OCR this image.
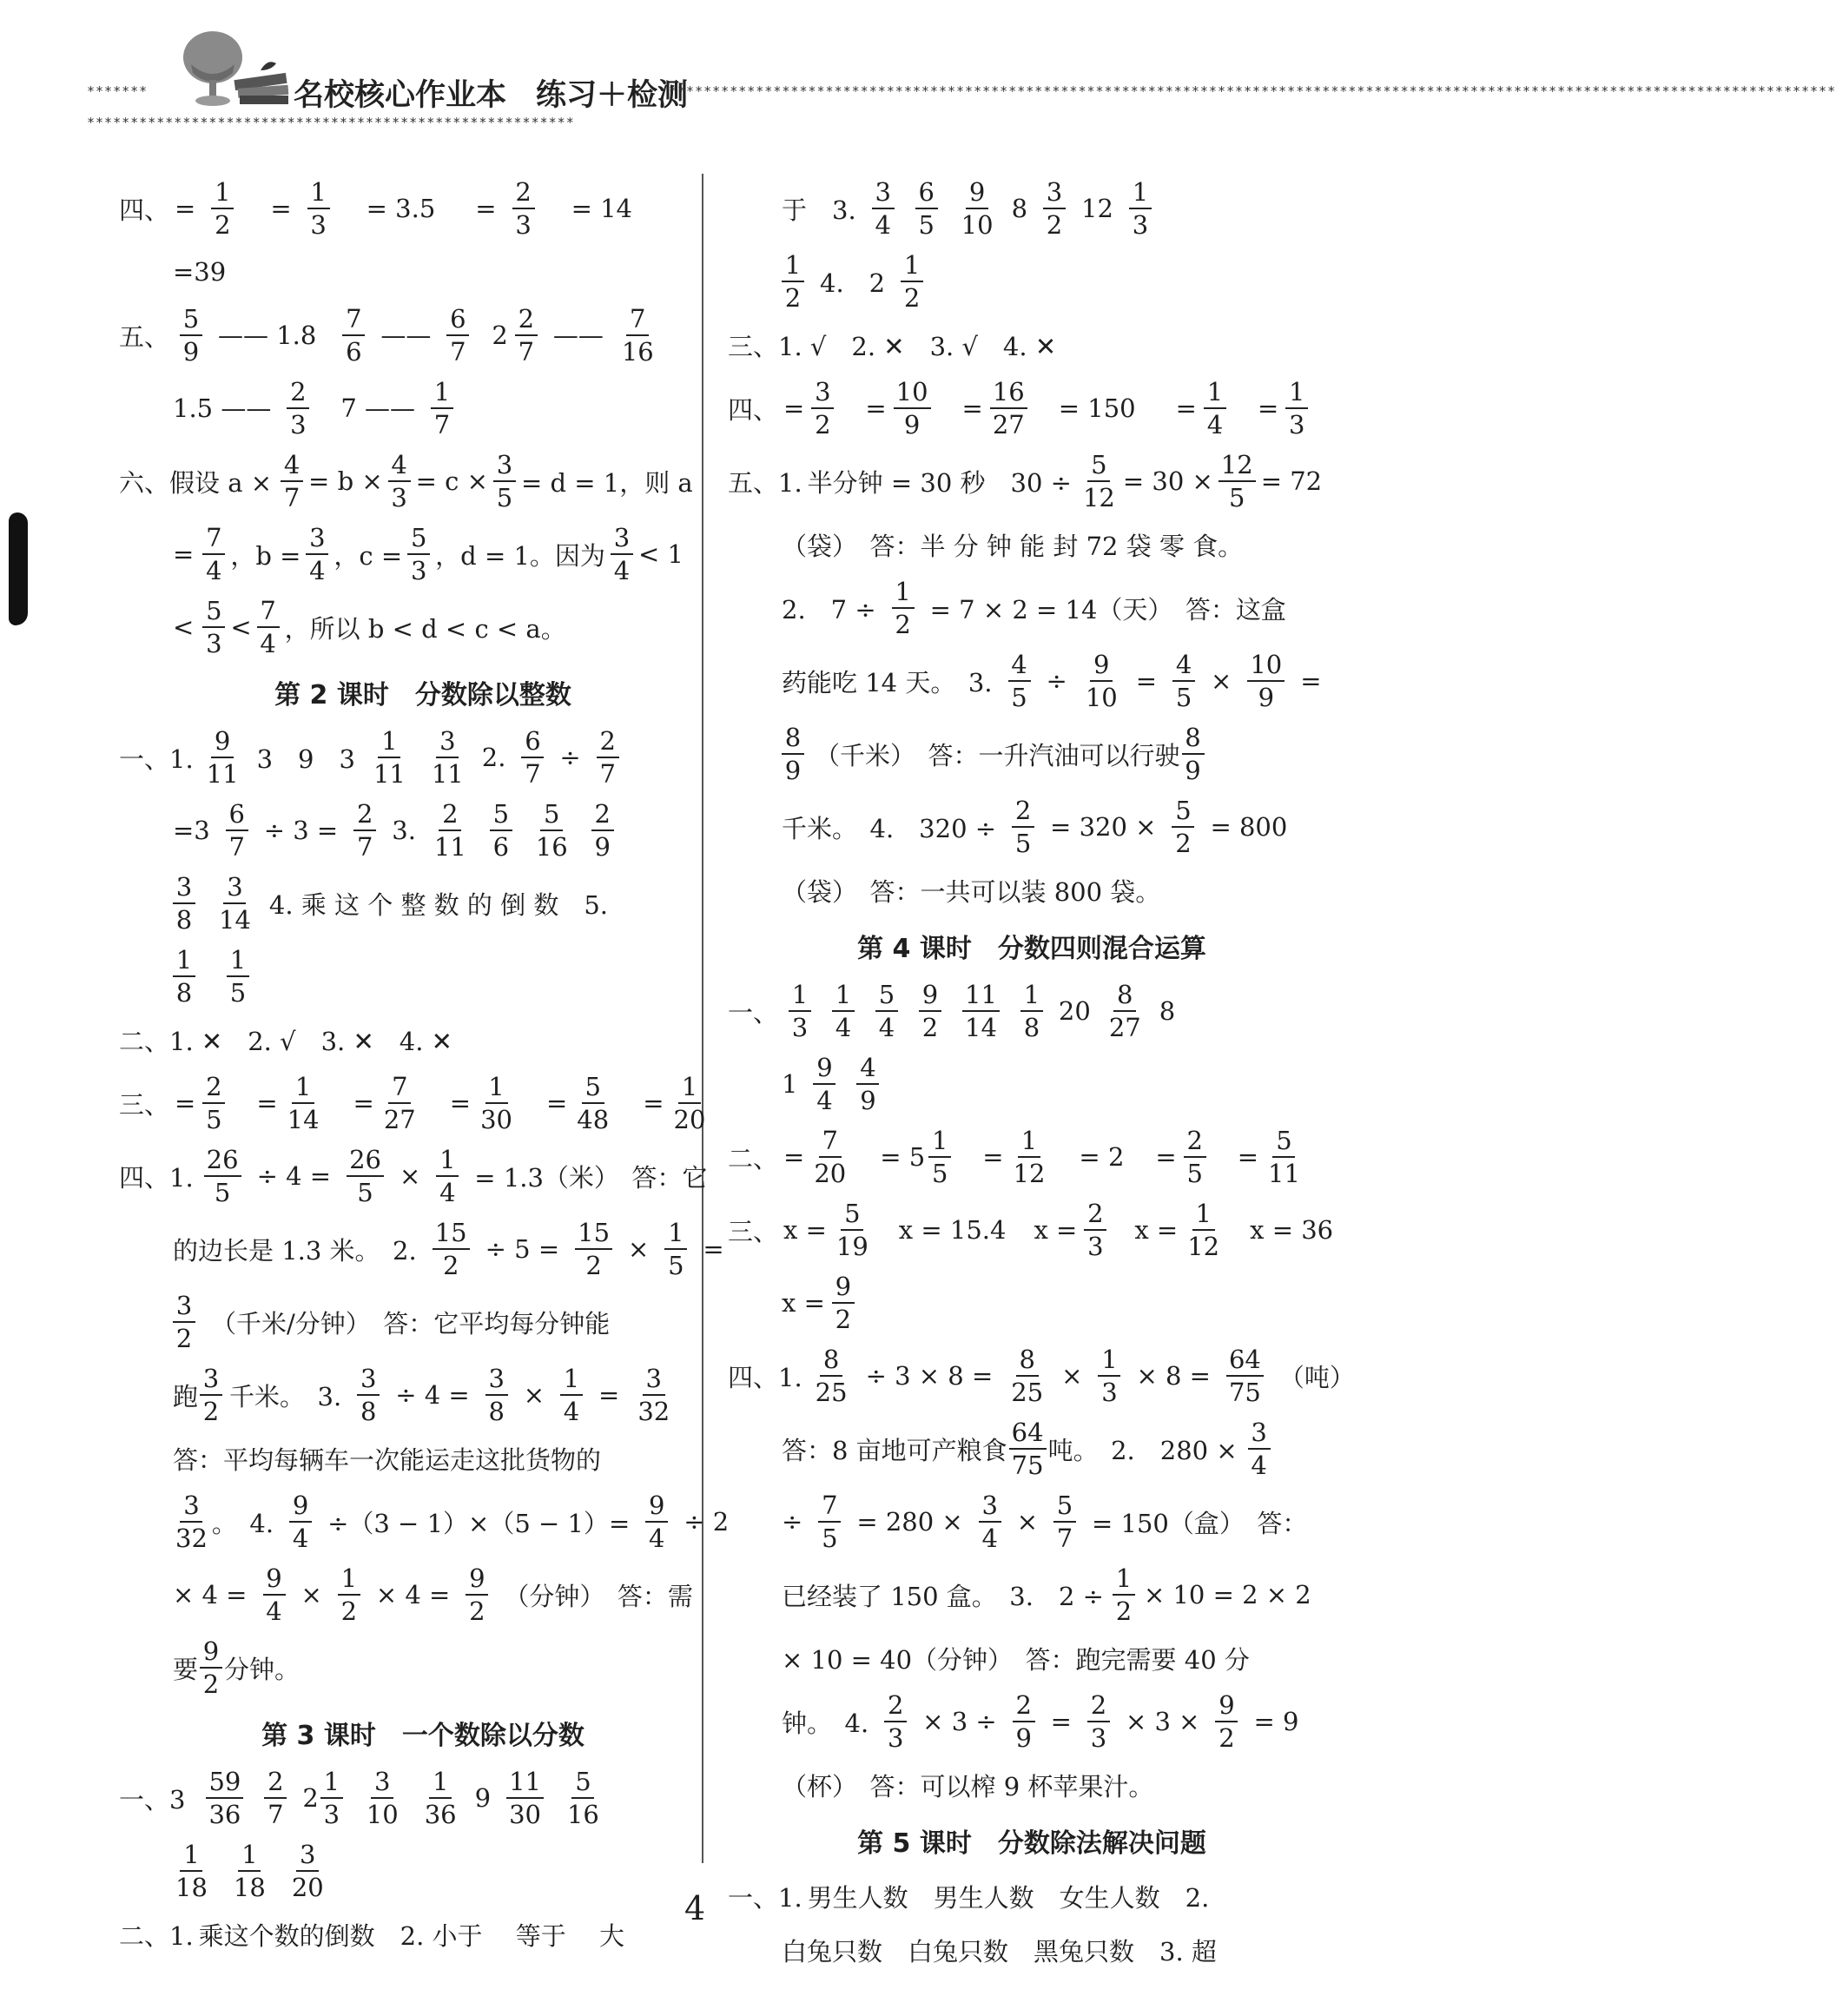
*******	名校核心作业本 练习＋检测
**************************************************************************************************************************************
********************************************************
四、 = $\frac{1}{2} = \frac{1}{3} = 3.5 = \frac{2}{3} = 14$
=39
五、 $\frac{5}{9}$ —— $1.8 \frac{7}{6}$ —— $\frac{6}{7} 2 \frac{2}{7}$ —— $\frac{7}{16}$
1.5 —— $\frac{2}{3} 7$ —— $\frac{1}{7}$
六、 假设 $a \times \frac{4}{7} = b \times \frac{4}{3} = c \times \frac{3}{5} = d = 1$，则 a
= $\frac{7}{4}$ ，$b = \frac{3}{4}$ ，$c = \frac{5}{3}$ ，d = 1。因为 $\frac{3}{4} < 1$
< $\frac{5}{3} < \frac{7}{4}$ ，所以 b < d < c < a。
第 2 课时　分数除以整数
一、1. $\frac{9}{11} 3$　9　$3 \frac{1}{11} \frac{3}{11} 2$. $\frac{6}{7} \div \frac{2}{7}$
$=3 \frac{6}{7} \div 3 = \frac{2}{7} 3$. $\frac{2}{11} \frac{5}{6} \frac{5}{16} \frac{2}{9}$
$\frac{3}{8} \frac{3}{14} 4$. 乘 这 个 整 数 的 倒 数　5.
$\frac{1}{8} \frac{1}{5}$
二、 1. ✕　2. √　3. ✕　4. ✕
三、 = $\frac{2}{5} = \frac{1}{14} = \frac{7}{27} = \frac{1}{30} = \frac{5}{48} = \frac{1}{20}$
四、1. $\frac{26}{5} \div 4 = \frac{26}{5} \times \frac{1}{4} = 1.3$（米）　答：它
的边长是 1.3 米。　2. $\frac{15}{2} \div 5 = \frac{15}{2} \times \frac{1}{5}$ =
$\frac{3}{2}$ （千米/分钟）　答：它平均每分钟能
跑 $\frac{3}{2}$ 千米。　3. $\frac{3}{8} \div 4 = \frac{3}{8} \times \frac{1}{4} = \frac{3}{32}$
答：平均每辆车一次能运走这批货物的
$\frac{3}{32}$ 。　4. $\frac{9}{4} \div(3 - 1)\times(5 - 1)= \frac{9}{4} \div 2$
× $4 = \frac{9}{4} \times \frac{1}{2} \times 4 = \frac{9}{2}$ （分钟）　答：需
要 $\frac{9}{2}$ 分钟。
第 3 课时　一个数除以分数
一、$3 \frac{59}{36} \frac{2}{7} 2 \frac{1}{3} \frac{3}{10} \frac{1}{36} 9 \frac{11}{30} \frac{5}{16}$
$\frac{1}{18} \frac{1}{18} \frac{3}{20}$
二、1. 乘这个数的倒数　2. 小于　 等于　 大
于　3. $\frac{3}{4} \frac{6}{5} \frac{9}{10} 8 \frac{3}{2} 12 \frac{1}{3}$
$\frac{1}{2} 4$.　$2 \frac{1}{2}$
三、 1. √　2. ✕　3. √　4. ✕
四、 = $\frac{3}{2} = \frac{10}{9} = \frac{16}{27} = 150 = \frac{1}{4} = \frac{1}{3}$
五、1. 半分钟 = 30 秒　$30 \div \frac{5}{12} = 30 \times \frac{12}{5} = 72$
（袋）　答：半 分 钟 能 封 72 袋 零 食。
2.　$7 \div \frac{1}{2} = 7 \times 2 = 14$（天）　答：这盒
药能吃 14 天。　3. $\frac{4}{5} \div \frac{9}{10} = \frac{4}{5} \times \frac{10}{9}$ =
$\frac{8}{9}$ （千米）　答：一升汽油可以行驶 $\frac{8}{9}$
千米。　4.　$320 \div \frac{2}{5} = 320 \times \frac{5}{2} = 800$
（袋）　答：一共可以装 800 袋。
第 4 课时　分数四则混合运算
一、 $\frac{1}{3} \frac{1}{4} \frac{5}{4} \frac{9}{2} \frac{11}{14} \frac{1}{8} 20 \frac{8}{27} 8$
$1 \frac{9}{4} \frac{4}{9}$
二、 = $\frac{7}{20} = 5 \frac{1}{5} = \frac{1}{12} = 2 = \frac{2}{5} = \frac{5}{11}$
三、 $x = \frac{5}{19}$ x = 15.4 $x = \frac{2}{3}$ $x = \frac{1}{12}$ x = 36
$x = \frac{9}{2}$
四、1. $\frac{8}{25} \div 3 \times 8 = \frac{8}{25} \times \frac{1}{3} \times 8 = \frac{64}{75}$ （吨）
答：8 亩地可产粮食 $\frac{64}{75}$ 吨。　2.　$280 \times \frac{3}{4}$
÷ $\frac{7}{5} = 280 \times \frac{3}{4} \times \frac{5}{7} = 150$（盒）　答：
已经装了 150 盒。　3.　$2 \div \frac{1}{2} \times 10 = 2 \times 2$
× 10 = 40（分钟）　答：跑完需要 40 分
钟。　4. $\frac{2}{3} \times 3 \div \frac{2}{9} = \frac{2}{3} \times 3 \times \frac{9}{2} = 9$
（杯）　答：可以榨 9 杯苹果汁。
第 5 课时　分数除法解决问题
一、1. 男生人数　男生人数　女生人数　2.
白兔只数　白兔只数　黑兔只数　3. 超
4
